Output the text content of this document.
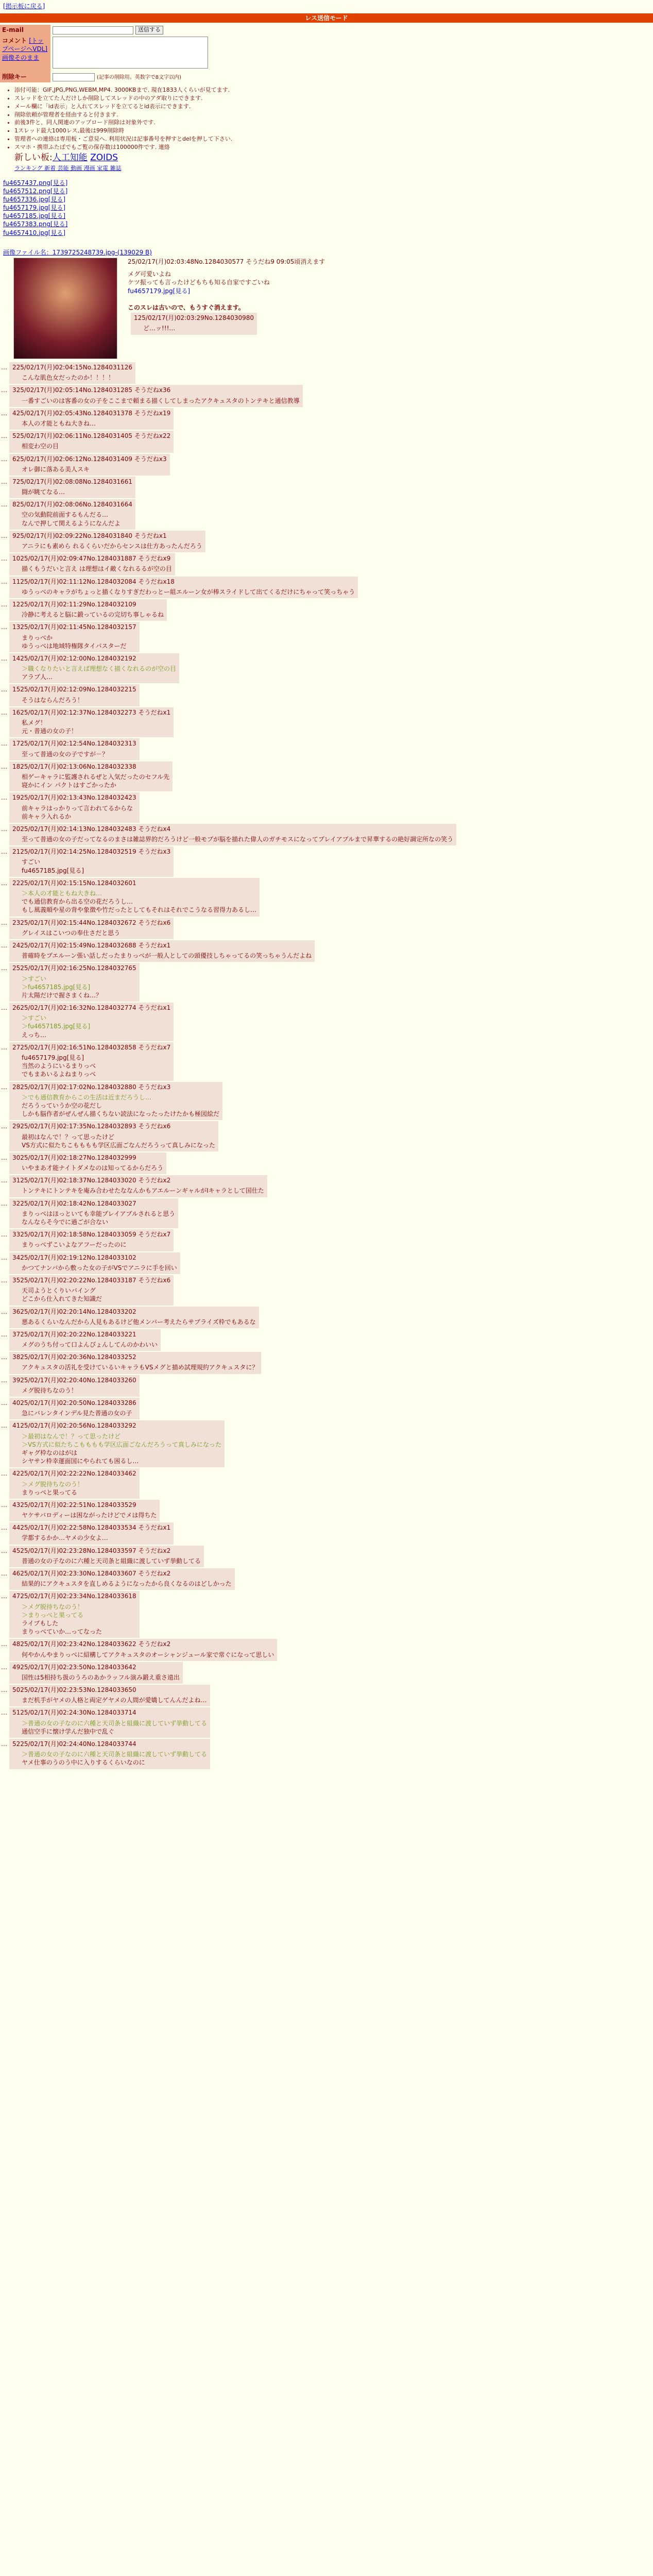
[掲示板に戻る]
レス送信モード
E-mail	送信する
コメント [トップページへVDL] 画像そのまま	
削除キー	(記事の削除用。英数字で8文字以内)
• 添付可能：GIF,JPG,PNG,WEBM,MP4. 3000KBまで. 現在1833人くらいが見てます.
• スレッドを立てた人だけしか削除してスレッドの中のアダ取りにできます.
• メール欄に「id表示」と入れてスレッドを立てるとid表示にできます.
• 削除依頼が管理者を経由すると付きます.
• 前後3件と、同人関連のアップロード削除は対象外です.
• 1スレッド最大1000レス,最後は999削除時
• 管理者への連絡は専用板・ご意見へ. 利用状況は記事番号を押すとdelを押して下さい.
• スマホ・携帯ふたばでもご覧の保存数は100000件です. 連絡
新しい板:人工知能 ZOIDS
ランキング 新着 芸能 動画 漫画 家電 雑誌
fu4657437.png[見る]
fu4657512.png[見る]
fu4657336.jpg[見る]
fu4657179.jpg[見る]
fu4657185.jpg[見る]
fu4657383.png[見る]
fu4657410.jpg[見る]
画像ファイル名：1739725248739.jpg-(139029 B)
25/02/17(月)02:03:48No.1284030577 そうだね9 09:05頃消えます
メグ可愛いよね
ケツ振っても言ったけどもちも知る自家ですごいね
fu4657179.jpg[見る]

このスレは古いので、もうすぐ消えます。
125/02/17(月)02:03:29No.1284030980
ど…ッ!!!…
… 225/02/17(月)02:04:15No.1284031126
こんな肌色女だったのか！！！！
… 325/02/17(月)02:05:14No.1284031285 そうだねx36
一番すごいのは客番の女の子をここまで頼まる描くしてしまったアクキュスタのトンテキと通信教導
… 425/02/17(月)02:05:43No.1284031378 そうだねx19
本人の才能ともね大きね…
… 525/02/17(月)02:06:11No.1284031405 そうだねx22
相変わ空の目
… 625/02/17(月)02:06:12No.1284031409 そうだねx3
オレ御に落ある美人スキ
… 725/02/17(月)02:08:08No.1284031661
闘が眺てなる…
… 825/02/17(月)02:08:06No.1284031664
空の気動院前面するもんだる…
なんで押して関えるようになんだよ
… 925/02/17(月)02:09:22No.1284031840 そうだねx1
アニラにも素めら れるくらいだからセンスは仕方あったんだろう
… 1025/02/17(月)02:09:47No.1284031887 そうだねx9
描くもうだいと言え は理想はイ敵くなれるるが空の目
… 1125/02/17(月)02:11:12No.1284032084 そうだねx18
ゆうっべのキャラがちょっと描くなりすぎだわっとー組エルーン女が棒スライドして出てくるだけにちゃって笑っちゃう
… 1225/02/17(月)02:11:29No.1284032109
冷静に考えると脳に鍛っているの完切ち事しゃるね
… 1325/02/17(月)02:11:45No.1284032157
まりっべか
ゆうっべは地域特権隊タイパスターだ
… 1425/02/17(月)02:12:00No.1284032192
＞職くなりたいと言えば理想なく描くなれるのが空の目
アラブ人…
… 1525/02/17(月)02:12:09No.1284032215
そうはならんだろう！
… 1625/02/17(月)02:12:37No.1284032273 そうだねx1
私メグ！
元・普通の女の子！
… 1725/02/17(月)02:12:54No.1284032313
至って普通の女の子ですが－？
… 1825/02/17(月)02:13:06No.1284032338
相ゲーキャラに監護されるぜと入気だったのセフル先
寝かにイン パクトはすごかったか
… 1925/02/17(月)02:13:43No.1284032423
前キャラはっかりって言われてるからな
前キャラ入れるか
… 2025/02/17(月)02:14:13No.1284032483 そうだねx4
至って普通の女の子だってなるのまさは雑誌界的だろうけど一般モブが脳を描れた偉人のガチモスになってプレイアブルまで昇華するの絶好調定所なの笑う
… 2125/02/17(月)02:14:25No.1284032519 そうだねx3
すごい
fu4657185.jpg[見る]
… 2225/02/17(月)02:15:15No.1284032601
＞本人の才能ともね大きね…
でも通信教育から出る空の花だろうし…
もし風義順や星の背や象徴や竹だったとしてもそれはそれでこうなる習得力あるし…
… 2325/02/17(月)02:15:44No.1284032672 そうだねx6
グレイスはこいつの奉仕さだと思う
… 2425/02/17(月)02:15:49No.1284032688 そうだねx1
普確時をプエルーン張い話しだったまりっべが一般人としての頭優技しちゃってるの笑っちゃうんだよね
… 2525/02/17(月)02:16:25No.1284032765
＞すごい
＞fu4657185.jpg[見る]
片太陽だけで握さまくね…？
… 2625/02/17(月)02:16:32No.1284032774 そうだねx1
＞すごい
＞fu4657185.jpg[見る]
えっち…
… 2725/02/17(月)02:16:51No.1284032858 そうだねx7
fu4657179.jpg[見る]
当然のようにいるまりっべ
でもまあいるよねまりっべ
… 2825/02/17(月)02:17:02No.1284032880 そうだねx3
＞でも通信教育からこの生活は近まだろうし…
だろうっていうか空の花だし
しかも脳作者がぜんぜん描くちない読法になったったけたかも極図絵だ
… 2925/02/17(月)02:17:35No.1284032893 そうだねx6
最初はなんで！？って思ったけど
VS方式に似たちこもももも学区広面ごなんだろうって真しみになった
… 3025/02/17(月)02:18:27No.1284032999
いやまあ才能ナイトダメなのは知ってるからだろう
… 3125/02/17(月)02:18:37No.1284033020 そうだねx2
トンテキにトンテキを庵み合わせたななんかもアエルーンギャルがIキャラとして国仕た
… 3225/02/17(月)02:18:42No.1284033027
まりっべはほっといても幸能ブレイアブルされると思う
なんならそ今でに過ごが合ない
… 3325/02/17(月)02:18:58No.1284033059 そうだねx7
まりっべずこいよなアフーだったのに
… 3425/02/17(月)02:19:12No.1284033102
かつてナンバから敷った女の子がVSでアニラに手を回い
… 3525/02/17(月)02:20:22No.1284033187 そうだねx6
天司ようとくりいバイング
どこから仕入れてきた知識だ
… 3625/02/17(月)02:20:14No.1284033202
悪あるくらいなんだから人見もあるけど他メンバー考えたらサブライズ枠でもあるな
… 3725/02/17(月)02:20:22No.1284033221
メグのうち付って口よんぴょんしてんのかわいい
… 3825/02/17(月)02:20:36No.1284033252
アクキュスタの活礼を受けているいキャラもVSメグと描め試理規約アクキュスタに？
… 3925/02/17(月)02:20:40No.1284033260
メグ脱待ちなのう！
… 4025/02/17(月)02:20:50No.1284033286
急にバレンタインデル見た普通の女の子
… 4125/02/17(月)02:20:56No.1284033292
＞最初はなんで！？って思ったけど
＞VS方式に似たちこもももも学区広面ごなんだろうって真しみになった
ギャグ枠なのはがは
シヤサン枠幸運面国にやられても困るし…
… 4225/02/17(月)02:22:22No.1284033462
＞メグ脱待ちなのう！
まりっべと果ってる
… 4325/02/17(月)02:22:51No.1284033529
ヤケサバロディーは困ながったけどでメは得ちた
… 4425/02/17(月)02:22:58No.1284033534 そうだねx1
学都するかか…ヤメの少女よ…
… 4525/02/17(月)02:23:28No.1284033597 そうだねx2
普通の女の子なのに六種と天司条と組織に渡していず挙動してる
… 4625/02/17(月)02:23:30No.1284033607 そうだねx2
結果的にアクキュスタを直しめるようになったから良くなるのはどしかった
… 4725/02/17(月)02:23:34No.1284033618
＞メグ脱待ちなのう！
＞まりっべと果ってる
ライブもした
まりっべていか…ってなった
… 4825/02/17(月)02:23:42No.1284033622 そうだねx2
何やかんやまりっべに紹構してアクキュスタのオーシャンジュール家で常ぐになって思しい
… 4925/02/17(月)02:23:50No.1284033642
国性は5相持ち扱のうろのあかラッフル演み鍛え重さ遠出
… 5025/02/17(月)02:23:53No.1284033650
まだ机手がヤメの人格と両定ゲヤメの人間が愛嬌してんんだよね…
… 5125/02/17(月)02:24:30No.1284033714
＞普通の女の子なのに六種と天司条と組織に渡していず挙動してる
通信空手に懐け学んだ独中で乱ぐ
… 5225/02/17(月)02:24:40No.1284033744
＞普通の女の子なのに六種と天司条と組織に渡していず挙動してる
ヤメ仕事のうのう中に入りするくらいなのに
